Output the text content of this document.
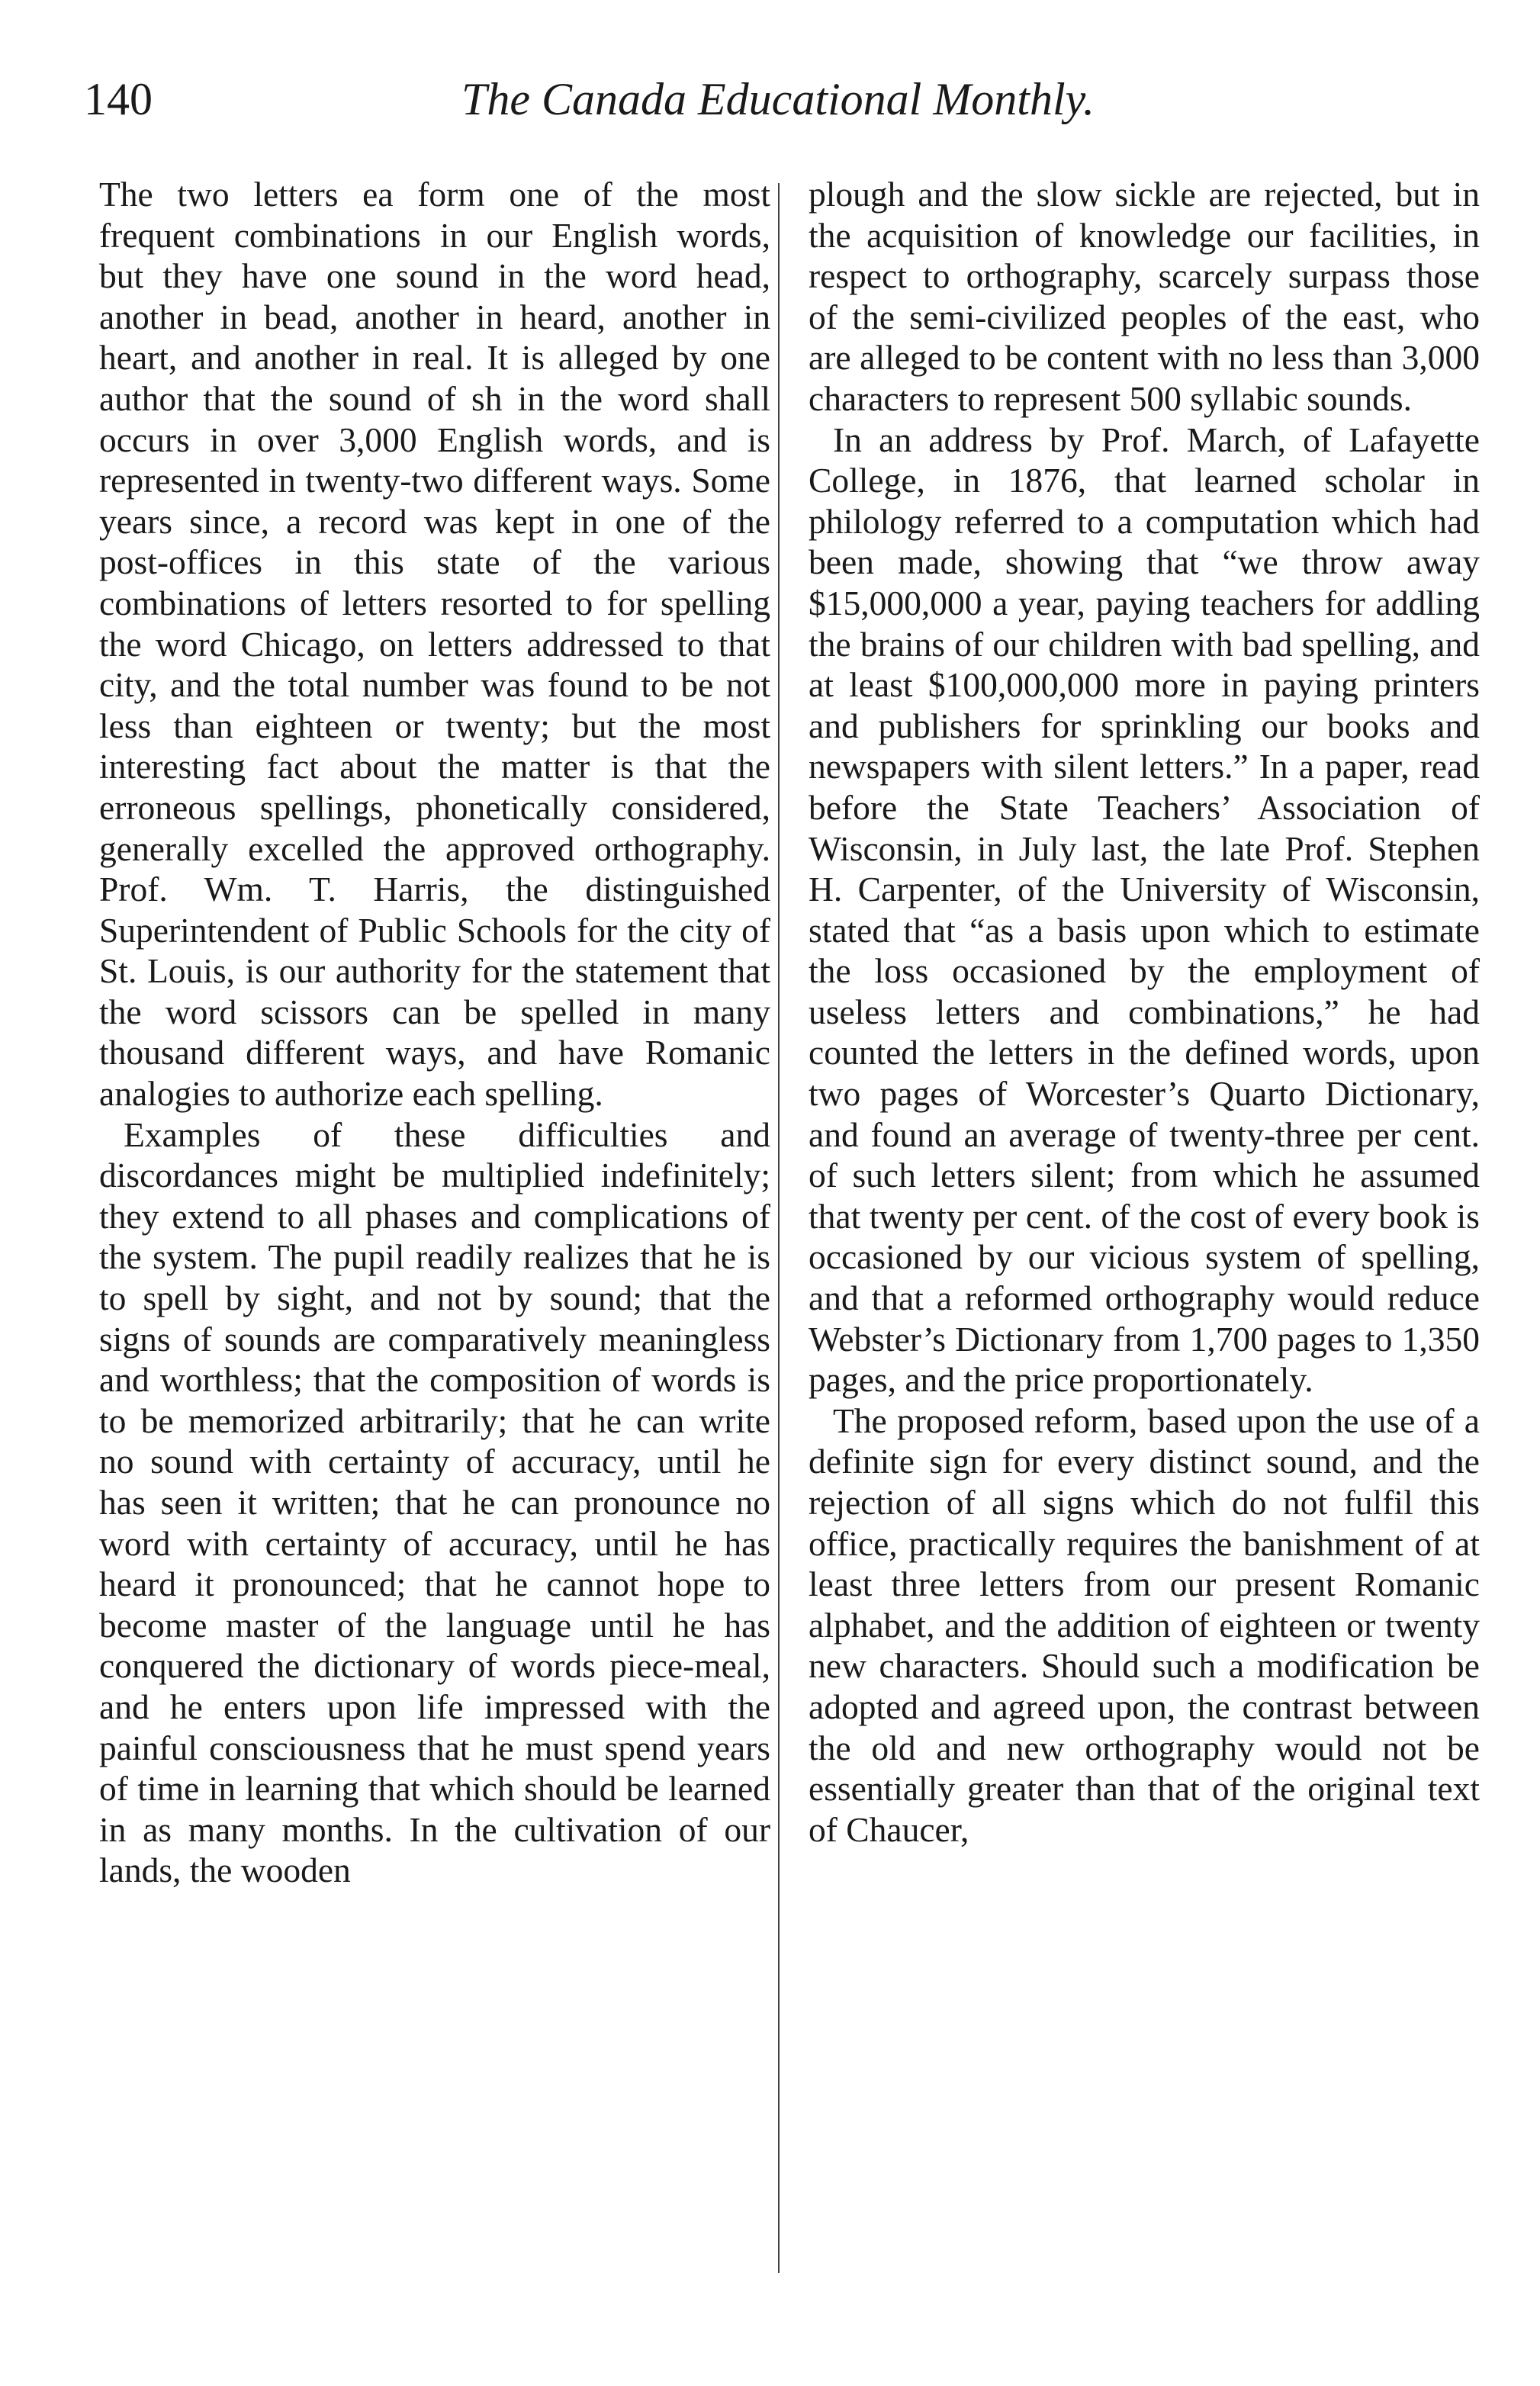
The Canada Educational Monthly.
140

The two letters ea form one of the most frequent combinations in our English words, but they have one sound in the word head, another in bead, another in heard, another in heart, and another in real. It is alleged by one author that the sound of sh in the word shall occurs in over 3,000 English words, and is represented in twenty-two different ways. Some years since, a record was kept in one of the post-offices in this state of the various combinations of letters resorted to for spelling the word Chicago, on letters addressed to that city, and the total number was found to be not less than eighteen or twenty; but the most interesting fact about the matter is that the erroneous spellings, phonetically considered, generally excelled the approved orthography. Prof. Wm. T. Harris, the distinguished Superintendent of Public Schools for the city of St. Louis, is our authority for the statement that the word scissors can be spelled in many thousand different ways, and have Romanic analogies to authorize each spelling.

Examples of these difficulties and discordances might be multiplied indefinitely; they extend to all phases and complications of the system. The pupil readily realizes that he is to spell by sight, and not by sound; that the signs of sounds are comparatively meaningless and worthless; that the composition of words is to be memorized arbitrarily; that he can write no sound with certainty of accuracy, until he has seen it written; that he can pronounce no word with certainty of accuracy, until he has heard it pronounced; that he cannot hope to become master of the language until he has conquered the dictionary of words piece-meal, and he enters upon life impressed with the painful consciousness that he must spend years of time in learning that which should be learned in as many months. In the cultivation of our lands, the wooden

plough and the slow sickle are rejected, but in the acquisition of knowledge our facilities, in respect to orthography, scarcely surpass those of the semi-civilized peoples of the east, who are alleged to be content with no less than 3,000 characters to represent 500 syllabic sounds.

In an address by Prof. March, of Lafayette College, in 1876, that learned scholar in philology referred to a computation which had been made, showing that “we throw away $15,000,000 a year, paying teachers for addling the brains of our children with bad spelling, and at least $100,000,000 more in paying printers and publishers for sprinkling our books and newspapers with silent letters.” In a paper, read before the State Teachers’ Association of Wisconsin, in July last, the late Prof. Stephen H. Carpenter, of the University of Wisconsin, stated that “as a basis upon which to estimate the loss occasioned by the employment of useless letters and combinations,” he had counted the letters in the defined words, upon two pages of Worcester’s Quarto Dictionary, and found an average of twenty-three per cent. of such letters silent; from which he assumed that twenty per cent. of the cost of every book is occasioned by our vicious system of spelling, and that a reformed orthography would reduce Webster’s Dictionary from 1,700 pages to 1,350 pages, and the price proportionately.

The proposed reform, based upon the use of a definite sign for every distinct sound, and the rejection of all signs which do not fulfil this office, practically requires the banishment of at least three letters from our present Romanic alphabet, and the addition of eighteen or twenty new characters. Should such a modification be adopted and agreed upon, the contrast between the old and new orthography would not be essentially greater than that of the original text of Chaucer,
